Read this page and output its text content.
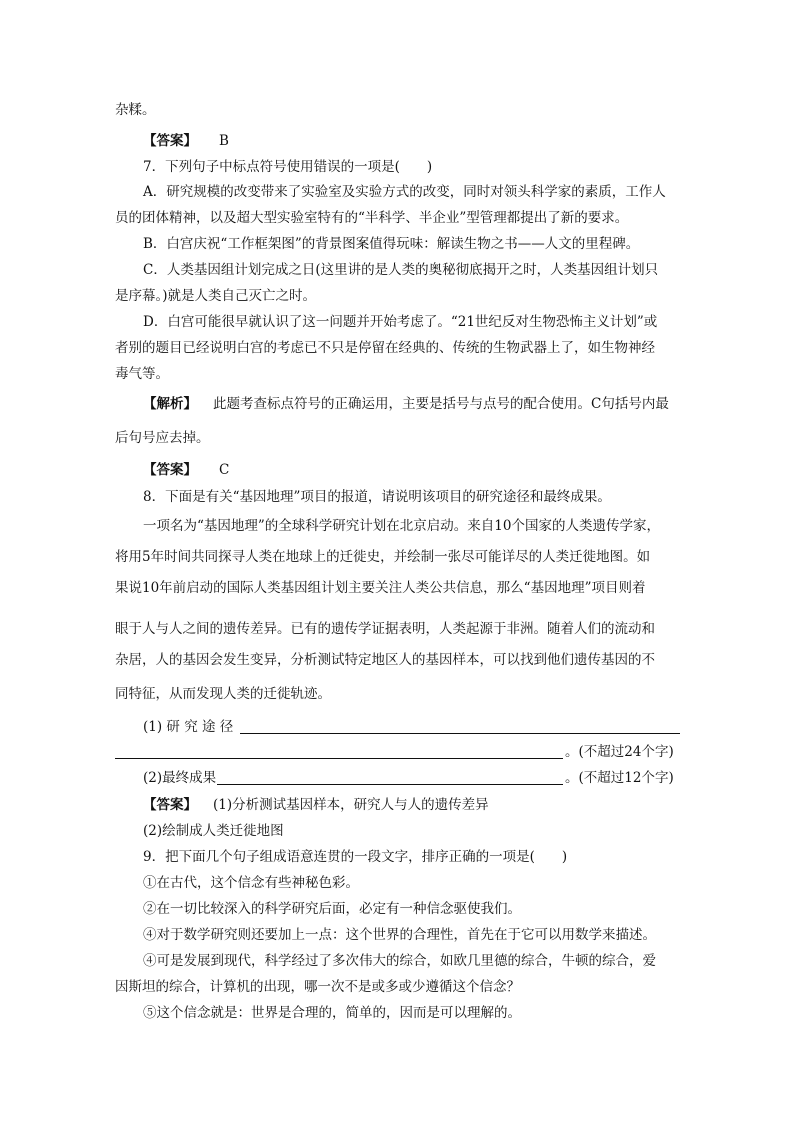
杂糅。
【答案】 B
7．下列句子中标点符号使用错误的一项是(　　)
A．研究规模的改变带来了实验室及实验方式的改变，同时对领头科学家的素质，工作人
员的团体精神，以及超大型实验室特有的“半科学、半企业”型管理都提出了新的要求。
B．白宫庆祝“工作框架图”的背景图案值得玩味：解读生物之书——人文的里程碑。
C．人类基因组计划完成之日(这里讲的是人类的奥秘彻底揭开之时，人类基因组计划只
是序幕。)就是人类自己灭亡之时。
D．白宫可能很早就认识了这一问题并开始考虑了。“21世纪反对生物恐怖主义计划”或
者别的题目已经说明白宫的考虑已不只是停留在经典的、传统的生物武器上了，如生物神经
毒气等。
【解析】 此题考查标点符号的正确运用，主要是括号与点号的配合使用。C句括号内最
后句号应去掉。
【答案】 C
8．下面是有关“基因地理”项目的报道，请说明该项目的研究途径和最终成果。
一项名为“基因地理”的全球科学研究计划在北京启动。来自10个国家的人类遗传学家，
将用5年时间共同探寻人类在地球上的迁徙史，并绘制一张尽可能详尽的人类迁徙地图。如
果说10年前启动的国际人类基因组计划主要关注人类公共信息，那么“基因地理”项目则着
眼于人与人之间的遗传差异。已有的遗传学证据表明，人类起源于非洲。随着人们的流动和
杂居，人的基因会发生变异，分析测试特定地区人的基因样本，可以找到他们遗传基因的不
同特征，从而发现人类的迁徙轨迹。
(1) 研 究 途 径
。(不超过24个字)
(2)最终成果	。(不超过12个字)
【答案】 (1)分析测试基因样本，研究人与人的遗传差异
(2)绘制成人类迁徙地图
9．把下面几个句子组成语意连贯的一段文字，排序正确的一项是(　　)
①在古代，这个信念有些神秘色彩。
②在一切比较深入的科学研究后面，必定有一种信念驱使我们。
④对于数学研究则还要加上一点：这个世界的合理性，首先在于它可以用数学来描述。
④可是发展到现代，科学经过了多次伟大的综合，如欧几里德的综合，牛顿的综合，爱
因斯坦的综合，计算机的出现，哪一次不是或多或少遵循这个信念？
⑤这个信念就是：世界是合理的，简单的，因而是可以理解的。
